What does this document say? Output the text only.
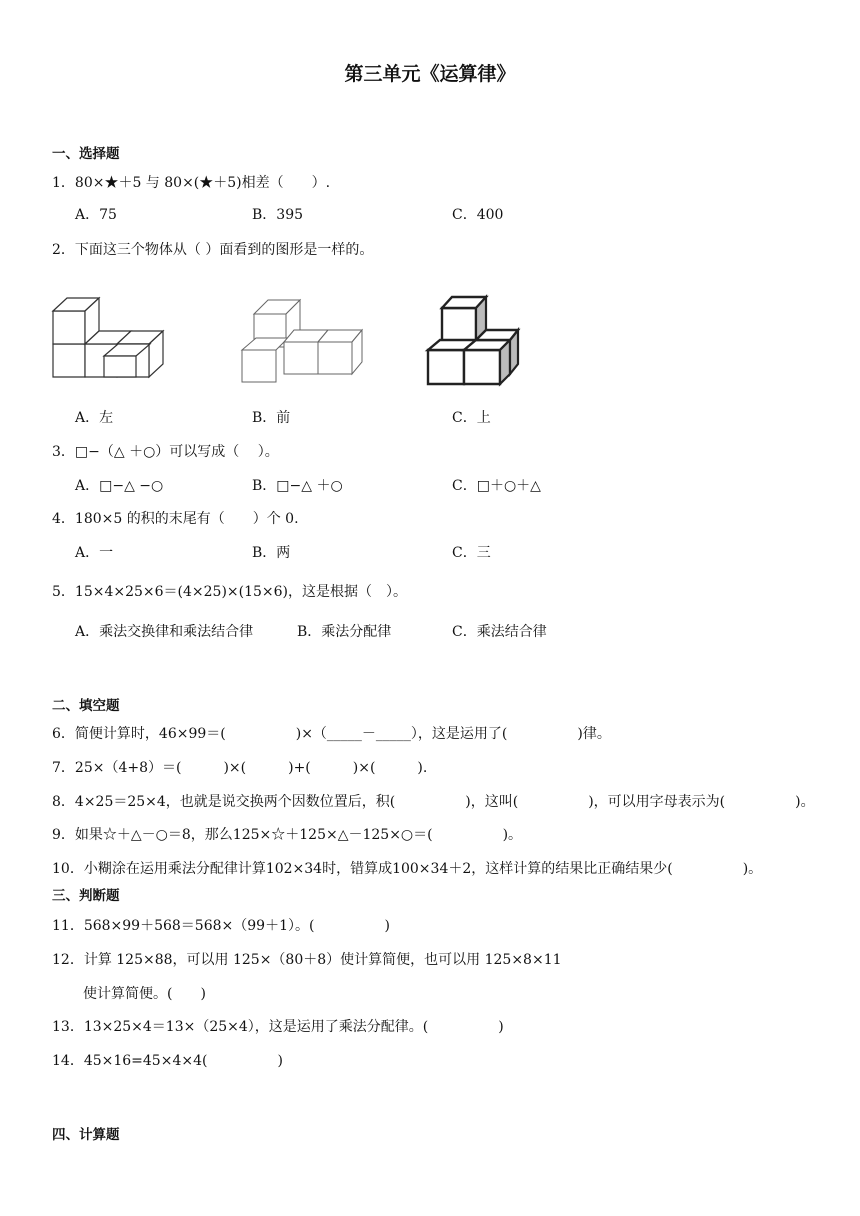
第三单元《运算律》
一、选择题
1．80×★＋5 与 80×(★＋5)相差（　　）.
A．75	B．395	C．400
2．下面这三个物体从（ ）面看到的图形是一样的。
A．左	B．前	C．上
3．□−（△ ＋○）可以写成（　 ）。
A．□−△ −○	B．□−△ ＋○	C．□＋○＋△
4．180×5 的积的末尾有（　　）个 0.
A．一	B．两	C．三
5．15×4×25×6＝(4×25)×(15×6)，这是根据（　）。
A．乘法交换律和乘法结合律	B．乘法分配律	C．乘法结合律
二、填空题
6．简便计算时，46×99＝(　　　　　)×（_____－_____），这是运用了(　　　　　)律。
7．25×（4+8）＝(　　　)×(　　　)+(　　　)×(　　　).
8．4×25＝25×4，也就是说交换两个因数位置后，积(　　　　　)，这叫(　　　　　)，可以用字母表示为(　　　　　)。
9．如果☆＋△－○＝8，那么125×☆＋125×△－125×○＝(　　　　　)。
10．小糊涂在运用乘法分配律计算102×34时，错算成100×34＋2，这样计算的结果比正确结果少(　　　　　)。
三、判断题
11．568×99＋568＝568×（99＋1）。(　　　　　)
12．计算 125×88，可以用 125×（80＋8）使计算简便，也可以用 125×8×11
使计算简便。(　　)
13．13×25×4＝13×（25×4），这是运用了乘法分配律。(　　　　　)
14．45×16=45×4×4(　　　　　)
四、计算题
